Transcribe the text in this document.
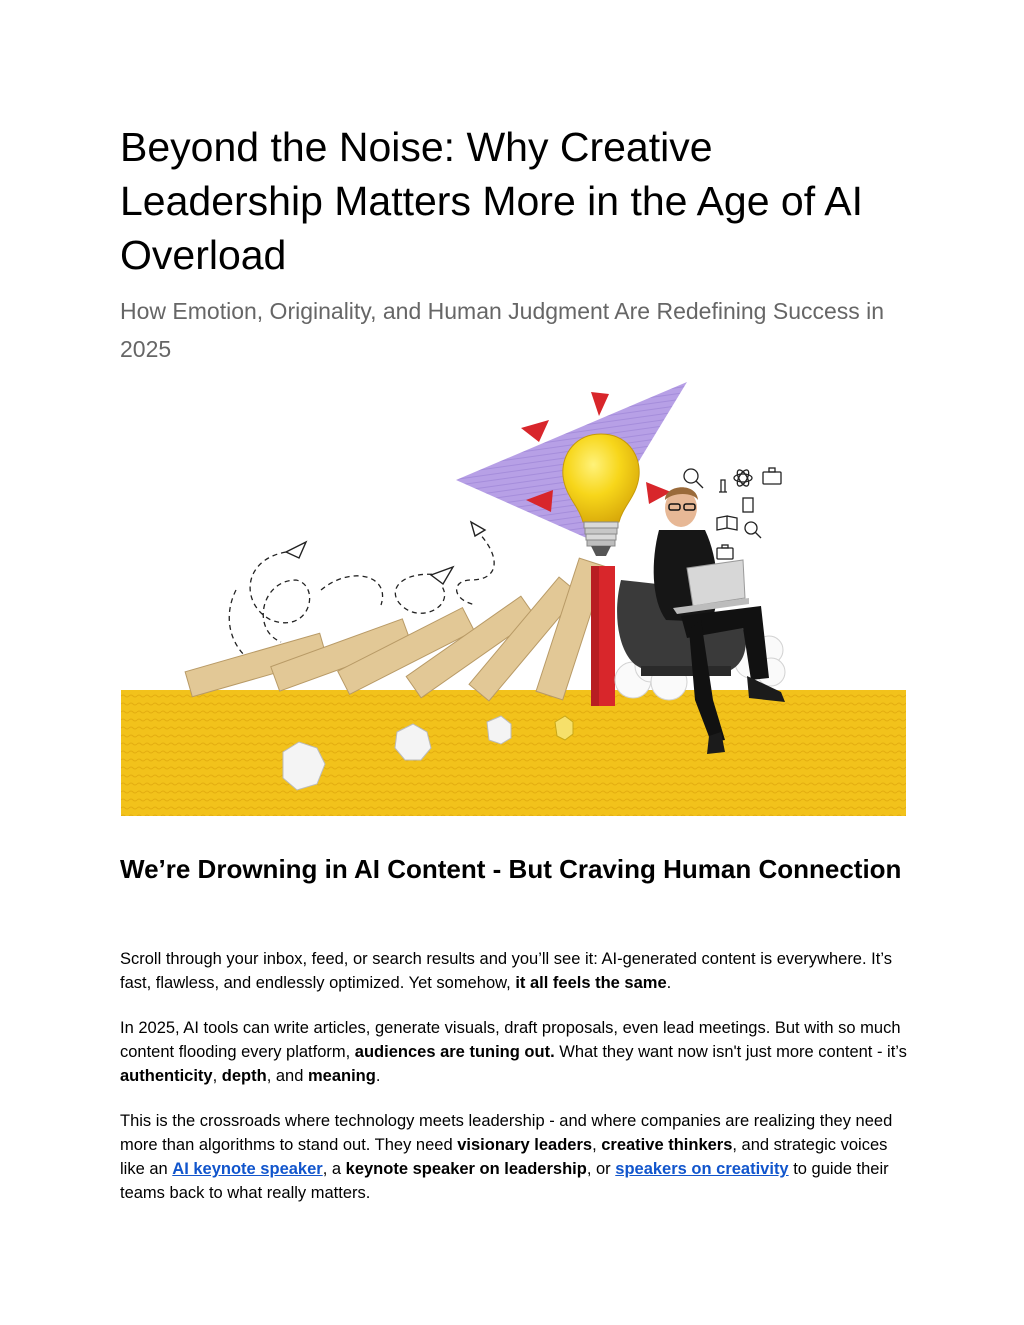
Beyond the Noise: Why Creative Leadership Matters More in the Age of AI Overload

How Emotion, Originality, and Human Judgment Are Redefining Success in 2025

We’re Drowning in AI Content - But Craving Human Connection

Scroll through your inbox, feed, or search results and you’ll see it: AI-generated content is everywhere. It’s fast, flawless, and endlessly optimized. Yet somehow, it all feels the same.

In 2025, AI tools can write articles, generate visuals, draft proposals, even lead meetings. But with so much content flooding every platform, audiences are tuning out. What they want now isn't just more content - it’s authenticity, depth, and meaning.

This is the crossroads where technology meets leadership - and where companies are realizing they need more than algorithms to stand out. They need visionary leaders, creative thinkers, and strategic voices like an AI keynote speaker, a keynote speaker on leadership, or speakers on creativity to guide their teams back to what really matters.
